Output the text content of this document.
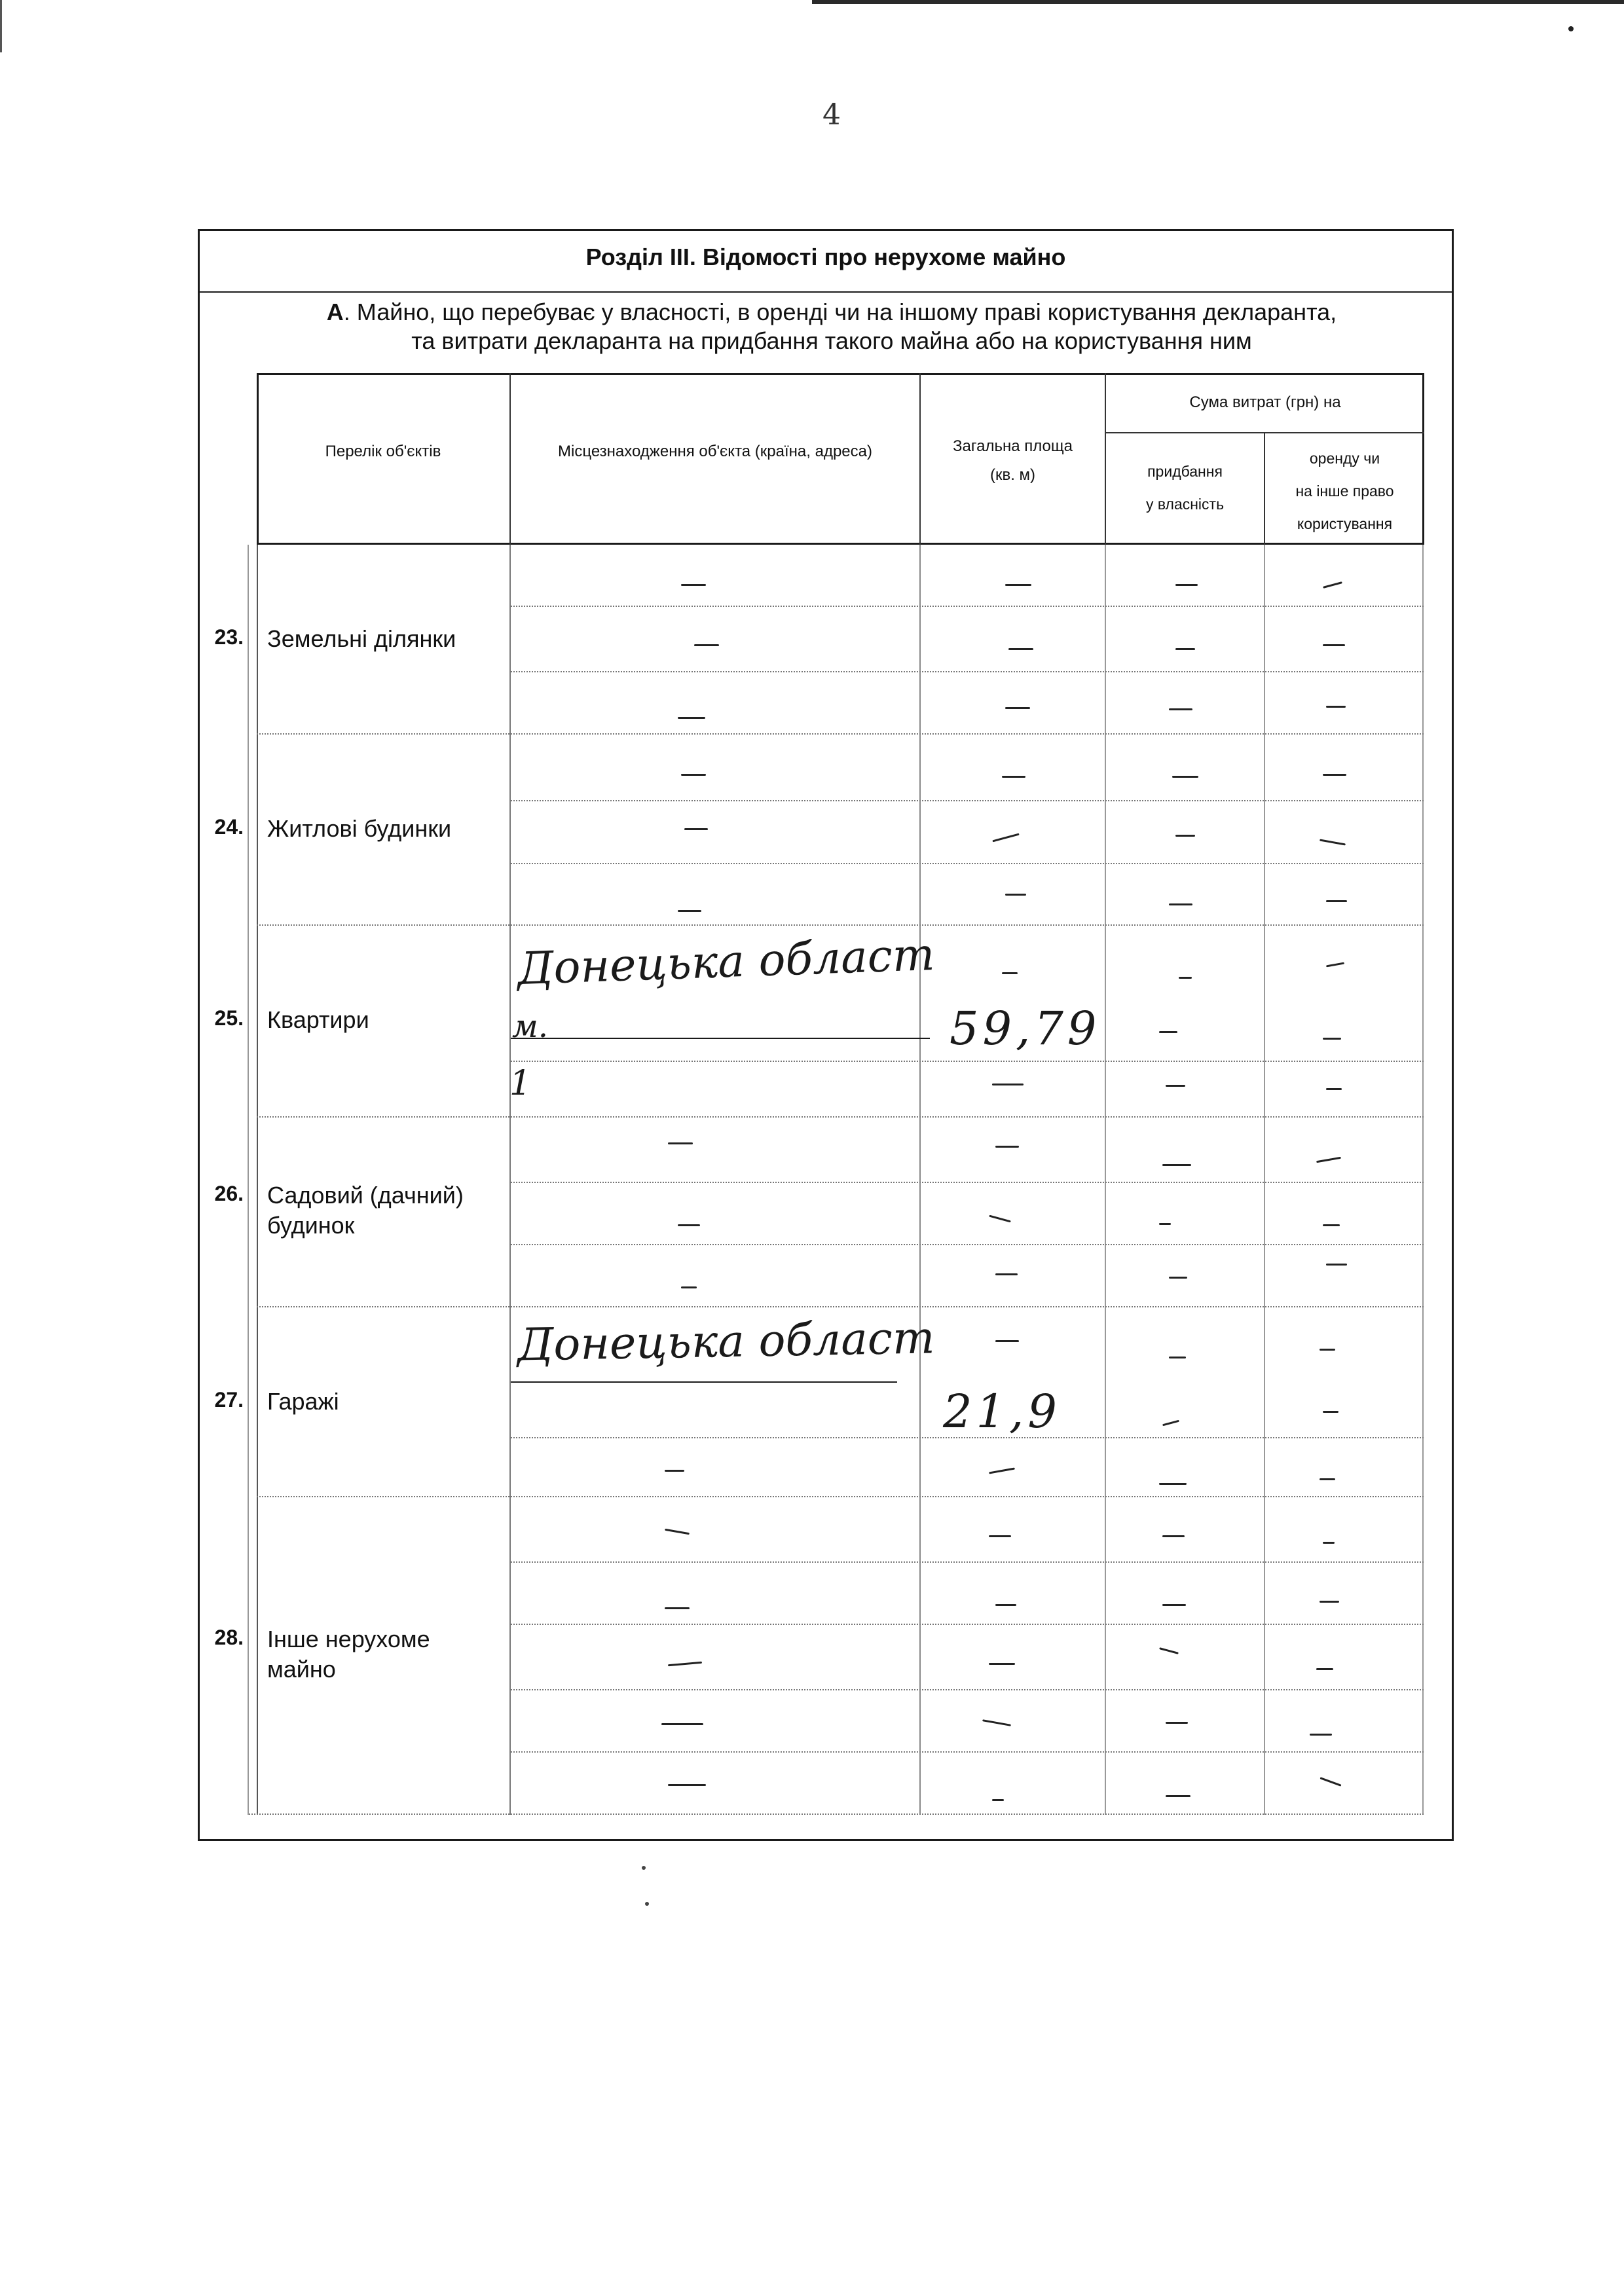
4
Розділ ІІІ. Відомості про нерухоме майно
А. Майно, що перебуває у власності, в оренді чи на іншому праві користування декларанта,
та витрати декларанта на придбання такого майна або на користування ним
Перелік об'єктів	Місцезнаходження об'єкта (країна, адреса)	Загальна площа
(кв. м)
Сума витрат (грн) на
придбання
у власність
оренду чи
на інше право
користування
23. Земельні ділянки
24. Житлові будинки
25. Квартири
26. Садовий (дачний)
будинок
27. Гаражі
28. Інше нерухоме
майно
Донецька област
м.
1
59,79
Донецька област
21,9
